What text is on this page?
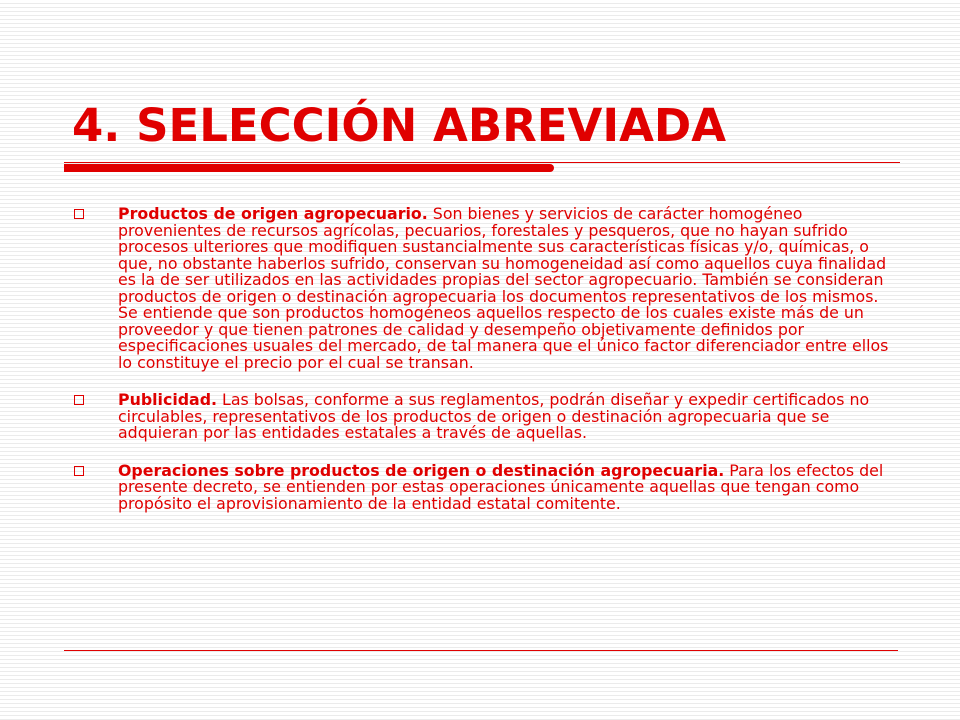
4. SELECCIÓN ABREVIADA
Productos de origen agropecuario. Son bienes y servicios de carácter homogéneo provenientes de recursos agrícolas, pecuarios, forestales y pesqueros, que no hayan sufrido procesos ulteriores que modifiquen sustancialmente sus características físicas y/o, químicas, o que, no obstante haberlos sufrido, conservan su homogeneidad así como aquellos cuya finalidad es la de ser utilizados en las actividades propias del sector agropecuario. También se consideran productos de origen o destinación agropecuaria los documentos representativos de los mismos. Se entiende que son productos homogéneos aquellos respecto de los cuales existe más de un proveedor y que tienen patrones de calidad y desempeño objetivamente definidos por especificaciones usuales del mercado, de tal manera que el único factor diferenciador entre ellos lo constituye el precio por el cual se transan.
Publicidad. Las bolsas, conforme a sus reglamentos, podrán diseñar y expedir certificados no circulables, representativos de los productos de origen o destinación agropecuaria que se adquieran por las entidades estatales a través de aquellas.
Operaciones sobre productos de origen o destinación agropecuaria. Para los efectos del presente decreto, se entienden por estas operaciones únicamente aquellas que tengan como propósito el aprovisionamiento de la entidad estatal comitente.
